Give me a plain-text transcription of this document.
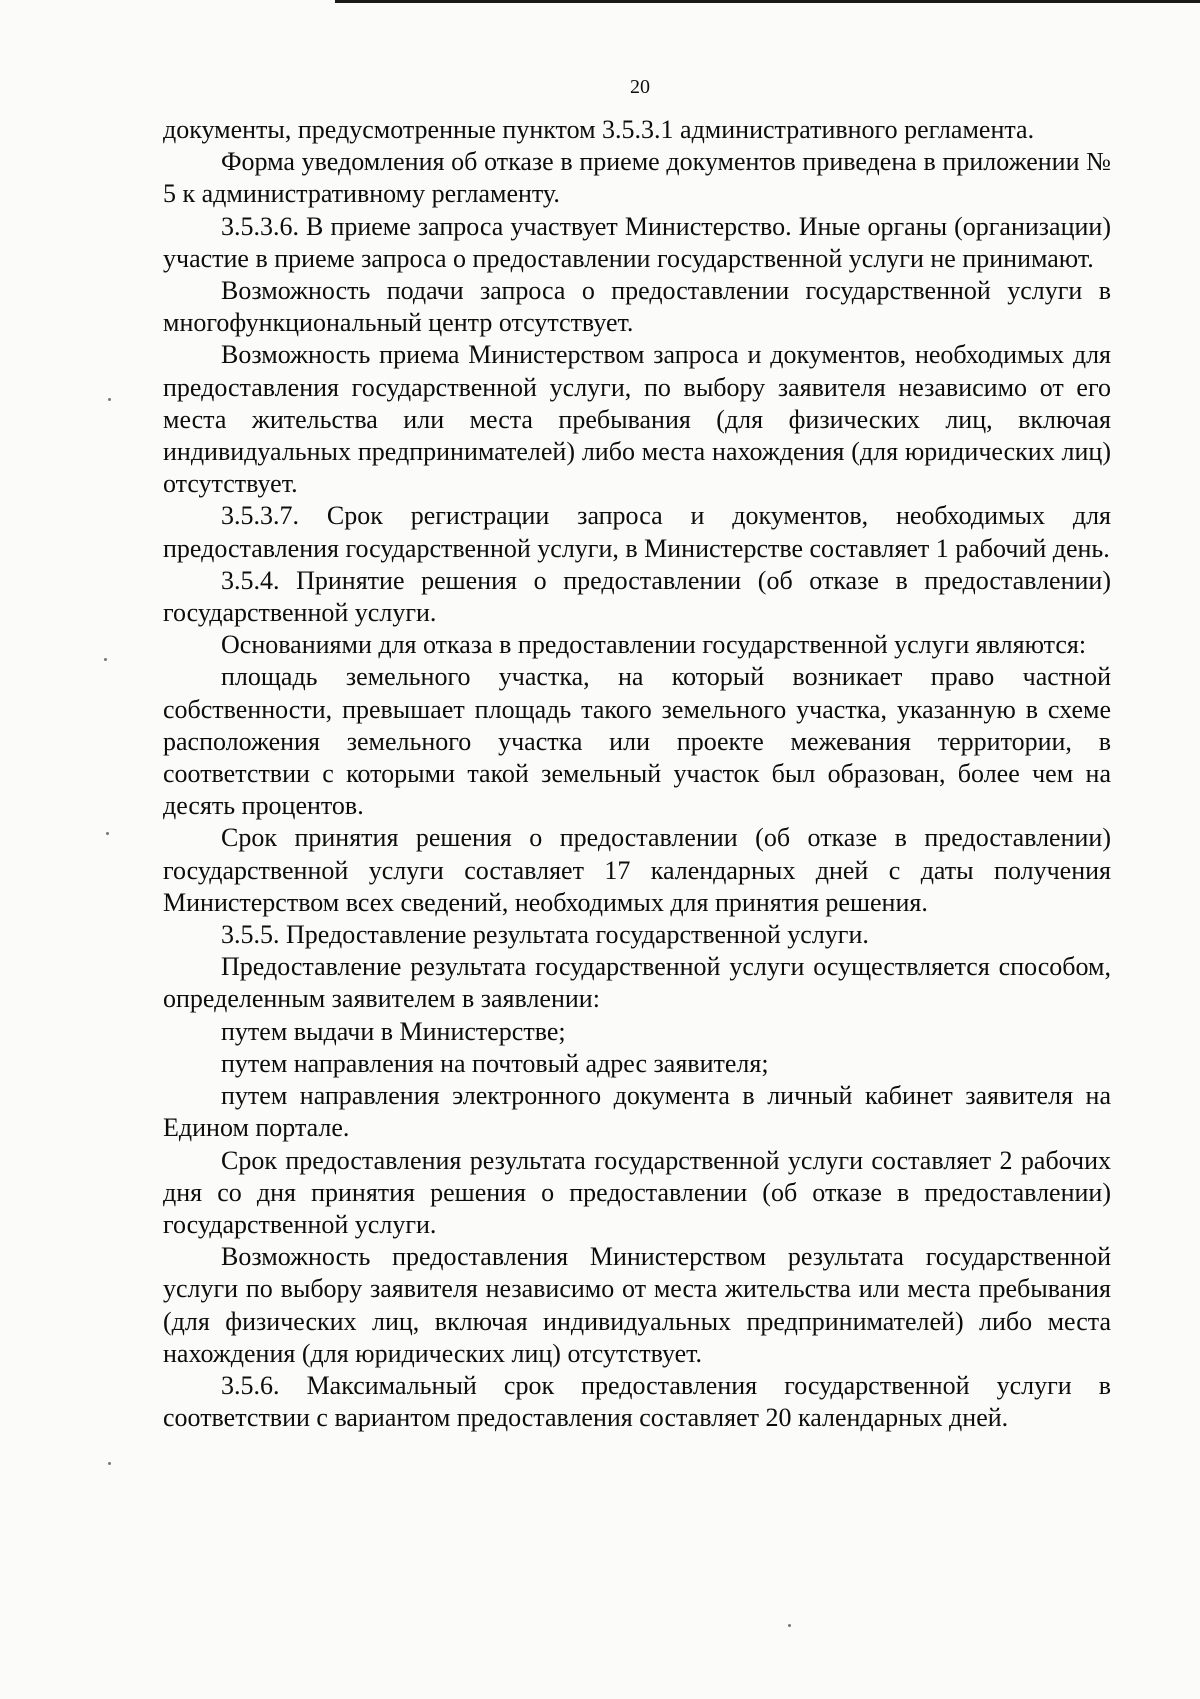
20

документы, предусмотренные пунктом 3.5.3.1 административного регламента.

Форма уведомления об отказе в приеме документов приведена в приложении № 5 к административному регламенту.

3.5.3.6. В приеме запроса участвует Министерство. Иные органы (организации) участие в приеме запроса о предоставлении государственной услуги не принимают.

Возможность подачи запроса о предоставлении государственной услуги в многофункциональный центр отсутствует.

Возможность приема Министерством запроса и документов, необходимых для предоставления государственной услуги, по выбору заявителя независимо от его места жительства или места пребывания (для физических лиц, включая индивидуальных предпринимателей) либо места нахождения (для юридических лиц) отсутствует.

3.5.3.7. Срок регистрации запроса и документов, необходимых для предоставления государственной услуги, в Министерстве составляет 1 рабочий день.

3.5.4. Принятие решения о предоставлении (об отказе в предоставлении) государственной услуги.

Основаниями для отказа в предоставлении государственной услуги являются:

площадь земельного участка, на который возникает право частной собственности, превышает площадь такого земельного участка, указанную в схеме расположения земельного участка или проекте межевания территории, в соответствии с которыми такой земельный участок был образован, более чем на десять процентов.

Срок принятия решения о предоставлении (об отказе в предоставлении) государственной услуги составляет 17 календарных дней с даты получения Министерством всех сведений, необходимых для принятия решения.

3.5.5. Предоставление результата государственной услуги.

Предоставление результата государственной услуги осуществляется способом, определенным заявителем в заявлении:

путем выдачи в Министерстве;

путем направления на почтовый адрес заявителя;

путем направления электронного документа в личный кабинет заявителя на Едином портале.

Срок предоставления результата государственной услуги составляет 2 рабочих дня со дня принятия решения о предоставлении (об отказе в предоставлении) государственной услуги.

Возможность предоставления Министерством результата государственной услуги по выбору заявителя независимо от места жительства или места пребывания (для физических лиц, включая индивидуальных предпринимателей) либо места нахождения (для юридических лиц) отсутствует.

3.5.6. Максимальный срок предоставления государственной услуги в соответствии с вариантом предоставления составляет 20 календарных дней.
